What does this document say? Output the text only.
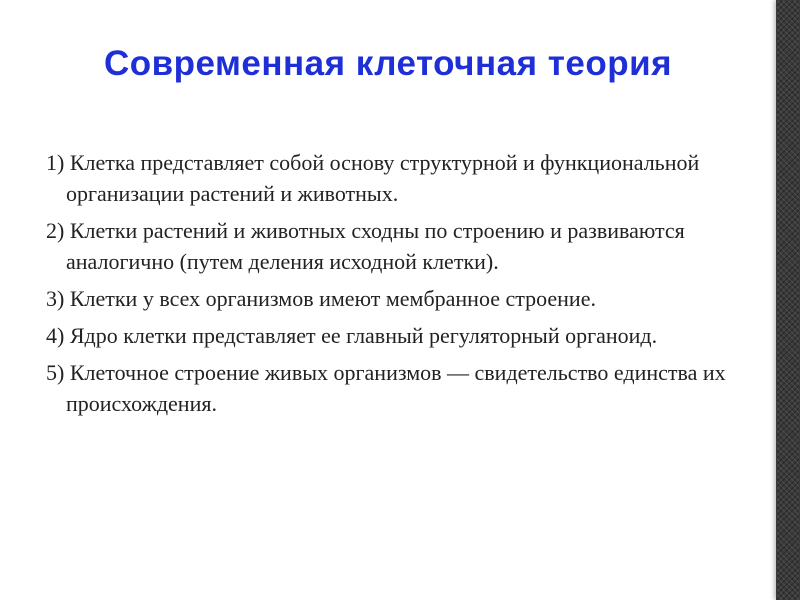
Современная клеточная теория
1) Клетка представляет собой основу структурной и функциональной организации растений и животных.
2) Клетки растений и животных сходны по строению и развиваются аналогично (путем деления исходной клетки).
3) Клетки у всех организмов имеют мембранное строение.
4) Ядро клетки представляет ее главный регуляторный органоид.
5) Клеточное строение живых организмов — свидетельство единства их происхождения.
